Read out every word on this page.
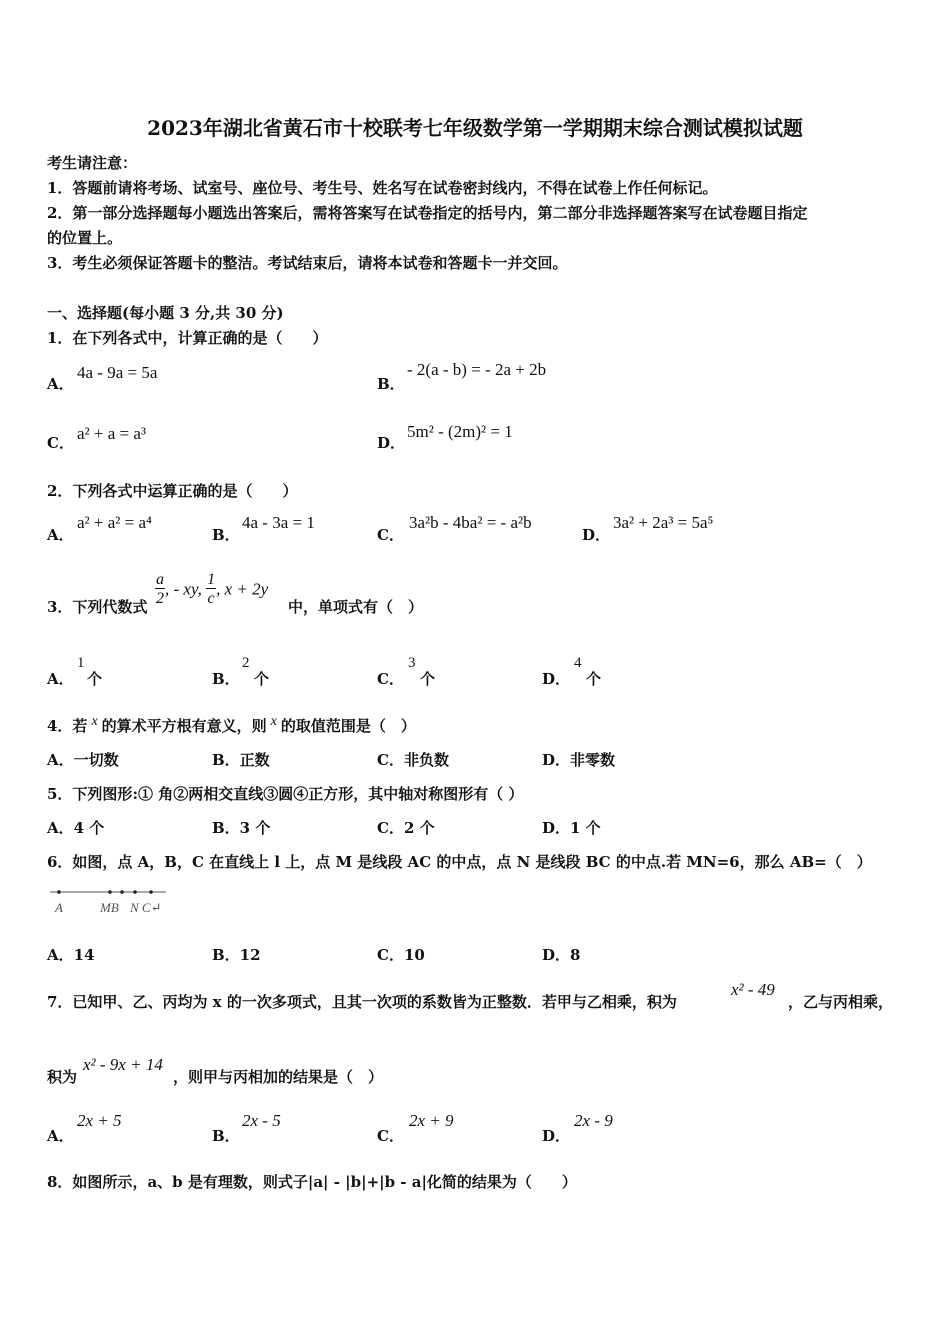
2023年湖北省黄石市十校联考七年级数学第一学期期末综合测试模拟试题
考生请注意：
1．答题前请将考场、试室号、座位号、考生号、姓名写在试卷密封线内，不得在试卷上作任何标记。
2．第一部分选择题每小题选出答案后，需将答案写在试卷指定的括号内，第二部分非选择题答案写在试卷题目指定
的位置上。
3．考生必须保证答题卡的整洁。考试结束后，请将本试卷和答题卡一并交回。
一、选择题(每小题 3 分,共 30 分)
1．在下列各式中，计算正确的是（　　）
A．
4a - 9a = 5a
B．
- 2(a - b) = - 2a + 2b
C． a² + a = a³	D．
5m² - (2m)² = 1
2．下列各式中运算正确的是（　　）
A．
a² + a² = a⁴
B．
4a - 3a = 1
C．
3a²b - 4ba² = - a²b
D．
3a² + 2a³ = 5a⁵
3．下列代数式 $\frac{a}{2}$ , - xy, $\frac{1}{c}$ , x + 2y
中，单项式有（　）
A．
1
个	B．
2
个	C．
3
个	D．
4
个
4．若 x 的算术平方根有意义，则 x 的取值范围是（　）
A．一切数	B．正数	C．非负数	D．非零数
5．下列图形:① 角②两相交直线③圆④正方形，其中轴对称图形有（ ）
A．4 个	B．3 个	C．2 个	D．1 个
6．如图，点 A，B，C 在直线上 l 上，点 M 是线段 AC 的中点，点 N 是线段 BC 的中点.若 MN=6，那么 AB=（　）
A	MB N C↵
A．14	B．12	C．10	D．8
7．已知甲、乙、丙均为 x 的一次多项式，且其一次项的系数皆为正整数．若甲与乙相乘，积为
x² - 49
，乙与丙相乘，
积为
x² - 9x + 14
，则甲与丙相加的结果是（　）
A．
2x + 5
B．
2x - 5
C．
2x + 9
D．
2x - 9
8．如图所示，a、b 是有理数，则式子|a| - |b|+|b - a|化简的结果为（　　）
